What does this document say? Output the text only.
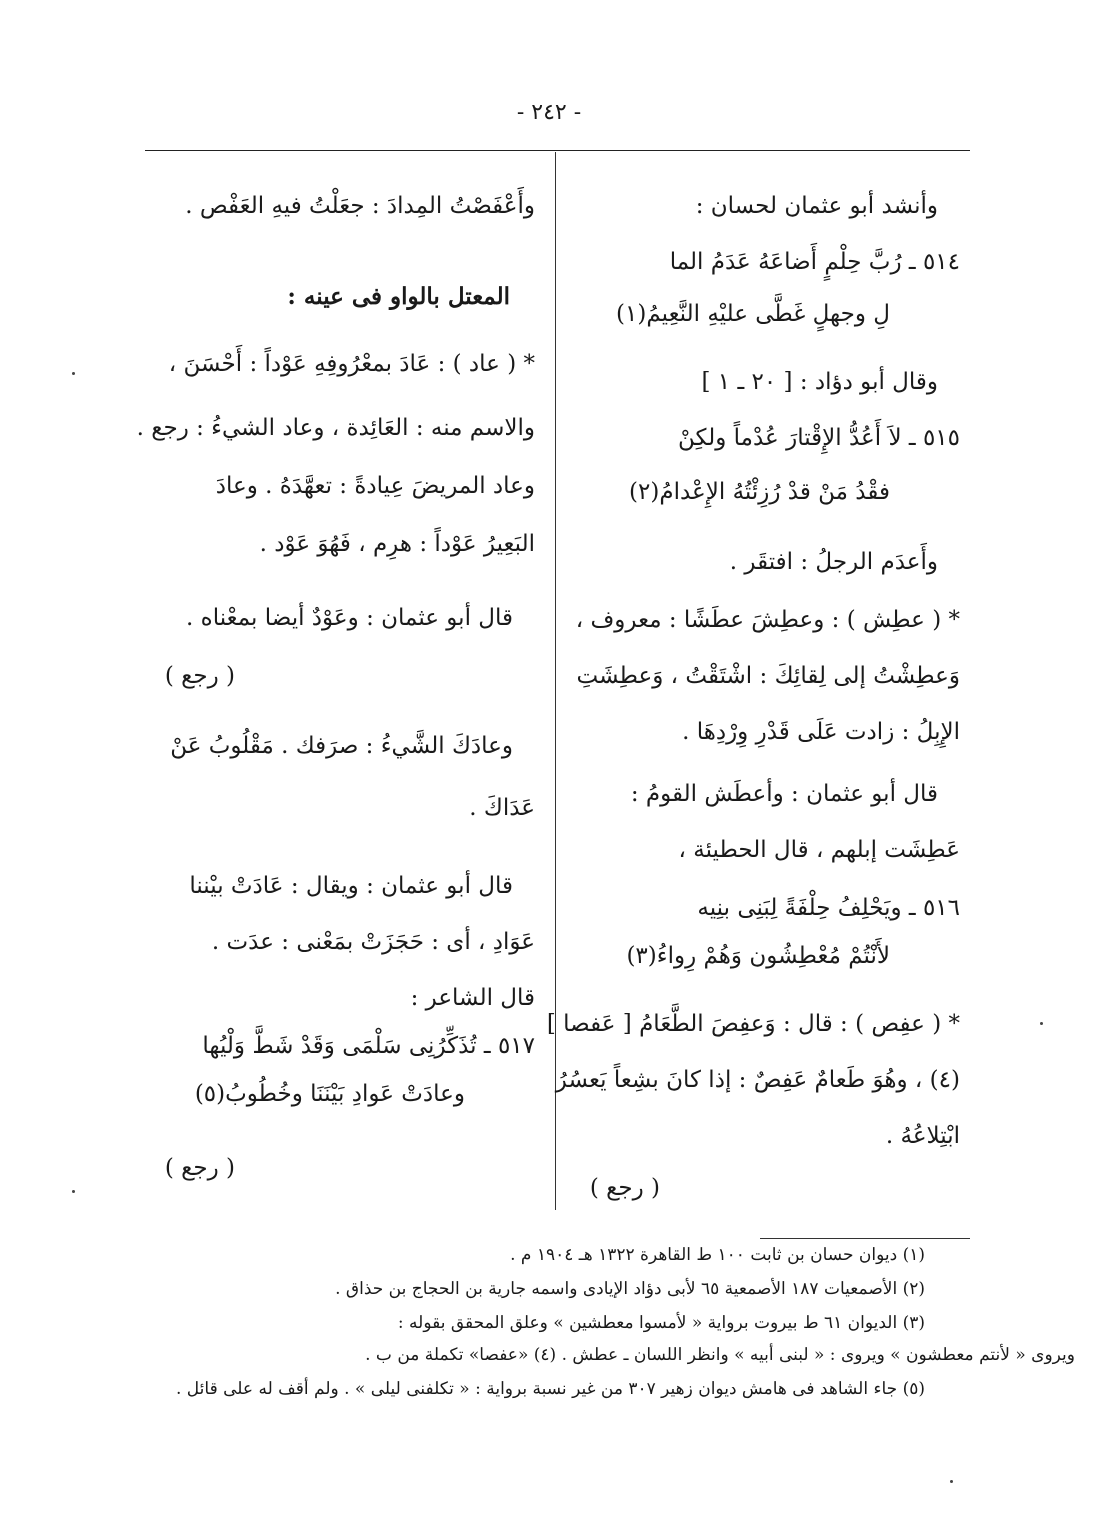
- ٢٤٢ -
وأنشد أبو عثمان لحسان :
٥١٤ ـ رُبَّ حِلْمٍ أَضاعَهُ عَدَمُ الما
لِ وجهلٍ غَطَّى عليْهِ النَّعِيمُ(١)
وقال أبو دؤاد : [ ٢٠ ـ ١ ]
٥١٥ ـ لاَ أَعُدُّ الإِقْتارَ عُدْماً ولكِنْ
فقْدُ مَنْ قدْ رُزِئْتُهُ الإِعْدامُ(٢)
وأَعدَم الرجلُ : افتقَر .
* ( عطِش ) : وعطِشَ عطَشًا : معروف ،
وَعطِشْتُ إلى لِقائِكَ : اشْتَقْتُ ، وَعطِشَتِ
الإِبِلُ : زادت عَلَى قَدْرِ وِرْدِهَا .
قال أبو عثمان : وأعطَش القومُ :
عَطِشَت إبلهم ، قال الحطيئة ،
٥١٦ ـ ويَحْلِفُ حِلْفَةً لِبَنِى بنِيه
لأَنْتُمْ مُعْطِشُون وَهُمْ رِواءُ(٣)
* ( عفِص ) : قال : وَعفِصَ الطَّعَامُ [ عَفصا ]
(٤) ، وهُوَ طَعامٌ عَفِصٌ : إذا كانَ بشِعاً يَعسُرُ
ابْتِلاعُهُ .
( رجع )
وأَعْفَصْتُ المِدادَ : جعَلْتُ فيهِ العَفْص .
المعتل بالواو فى عينه :
* ( عاد ) : عَادَ بمعْرُوفِهِ عَوْداً : أَحْسَنَ ،
والاسم منه : العَائِدة ، وعاد الشيءُ : رجع .
وعاد المريضَ عِيادةً : تعهَّدَهُ . وعادَ
البَعِيرُ عَوْداً : هرِم ، فَهُوَ عَوْد .
قال أبو عثمان : وعَوْدٌ أيضا بمعْناه .
( رجع )
وعادَكَ الشَّيءُ : صرَفك . مَقْلُوبُ عَنْ
عَدَاكَ .
قال أبو عثمان : ويقال : عَادَتْ بيْننا
عَوَادِ ، أى : حَجَزَتْ بمَعْنى : عدَت .
قال الشاعر :
٥١٧ ـ تُذَكِّرُنِى سَلْمَى وَقَدْ شَطَّ وَلْيُها
وعادَتْ عَوادِ بَيْنَنَا وخُطُوبُ(٥)
( رجع )
(١) ديوان حسان بن ثابت ١٠٠ ط القاهرة ١٣٢٢ هـ ١٩٠٤ م .
(٢) الأصمعيات ١٨٧ الأصمعية ٦٥ لأبى دؤاد الإيادى واسمه جارية بن الحجاج بن حذاق .
(٣) الديوان ٦١ ط بيروت برواية « لأمسوا معطشين » وعلق المحقق بقوله :
ويروى « لأنتم معطشون » ويروى : « لبنى أبيه » وانظر اللسان ـ عطش . (٤) «عفصا» تكملة من ب .
(٥) جاء الشاهد فى هامش ديوان زهير ٣٠٧ من غير نسبة برواية : « تكلفنى ليلى » . ولم أقف له على قائل .
